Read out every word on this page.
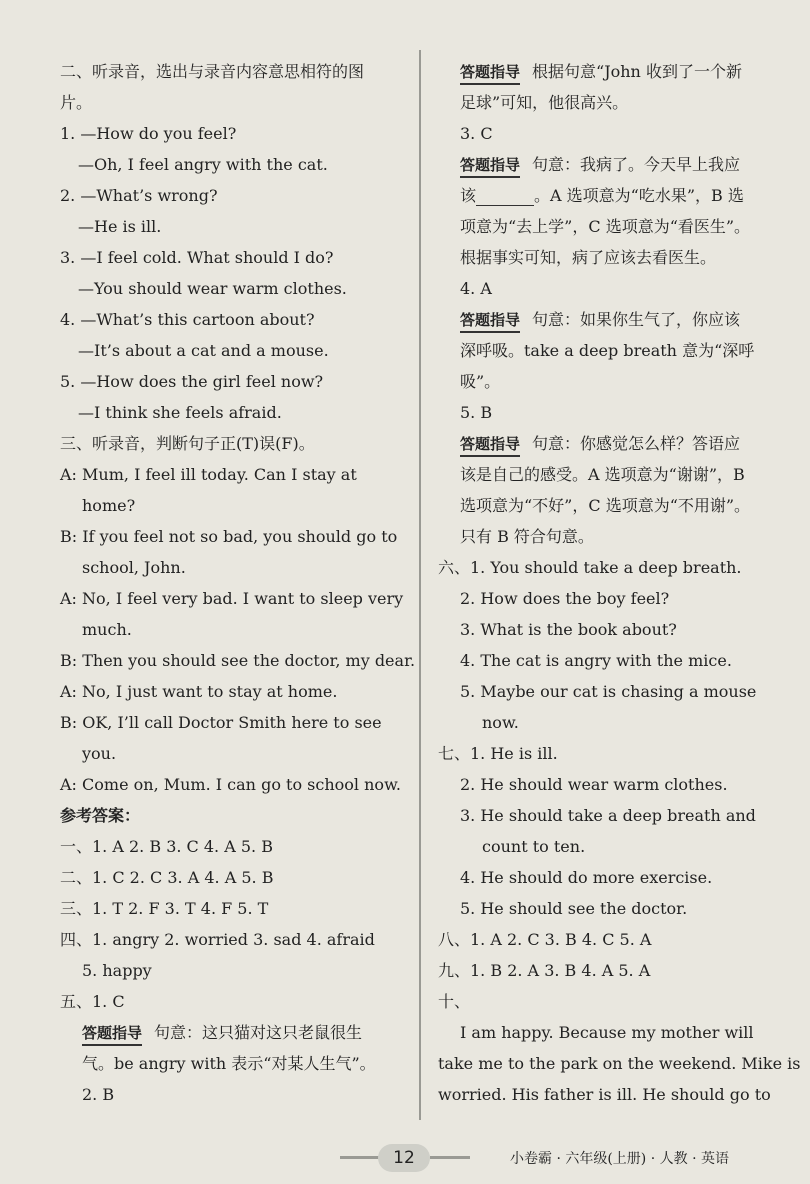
二、听录音，选出与录音内容意思相符的图
片。
1. —How do you feel?
—Oh, I feel angry with the cat.
2. —What’s wrong?
—He is ill.
3. —I feel cold. What should I do?
—You should wear warm clothes.
4. —What’s this cartoon about?
—It’s about a cat and a mouse.
5. —How does the girl feel now?
—I think she feels afraid.
三、听录音，判断句子正(T)误(F)。
A: Mum, I feel ill today. Can I stay at
home?
B: If you feel not so bad, you should go to
school, John.
A: No, I feel very bad. I want to sleep very
much.
B: Then you should see the doctor, my dear.
A: No, I just want to stay at home.
B: OK, I’ll call Doctor Smith here to see
you.
A: Come on, Mum. I can go to school now.
参考答案：
一、1. A 2. B 3. C 4. A 5. B
二、1. C 2. C 3. A 4. A 5. B
三、1. T 2. F 3. T 4. F 5. T
四、1. angry 2. worried 3. sad 4. afraid
5. happy
五、1. C
答题指导 句意：这只猫对这只老鼠很生
气。be angry with 表示“对某人生气”。
2. B
答题指导 根据句意“John 收到了一个新
足球”可知，他很高兴。
3. C
答题指导 句意：我病了。今天早上我应
该	。A 选项意为“吃水果”，B 选
项意为“去上学”，C 选项意为“看医生”。
根据事实可知，病了应该去看医生。
4. A
答题指导 句意：如果你生气了，你应该
深呼吸。take a deep breath 意为“深呼
吸”。
5. B
答题指导 句意：你感觉怎么样？答语应
该是自己的感受。A 选项意为“谢谢”，B
选项意为“不好”，C 选项意为“不用谢”。
只有 B 符合句意。
六、1. You should take a deep breath.
2. How does the boy feel?
3. What is the book about?
4. The cat is angry with the mice.
5. Maybe our cat is chasing a mouse
now.
七、1. He is ill.
2. He should wear warm clothes.
3. He should take a deep breath and
count to ten.
4. He should do more exercise.
5. He should see the doctor.
八、1. A 2. C 3. B 4. C 5. A
九、1. B 2. A 3. B 4. A 5. A
十、
I am happy. Because my mother will
take me to the park on the weekend. Mike is
worried. His father is ill. He should go to
12	小卷霸 · 六年级(上册) · 人教 · 英语
